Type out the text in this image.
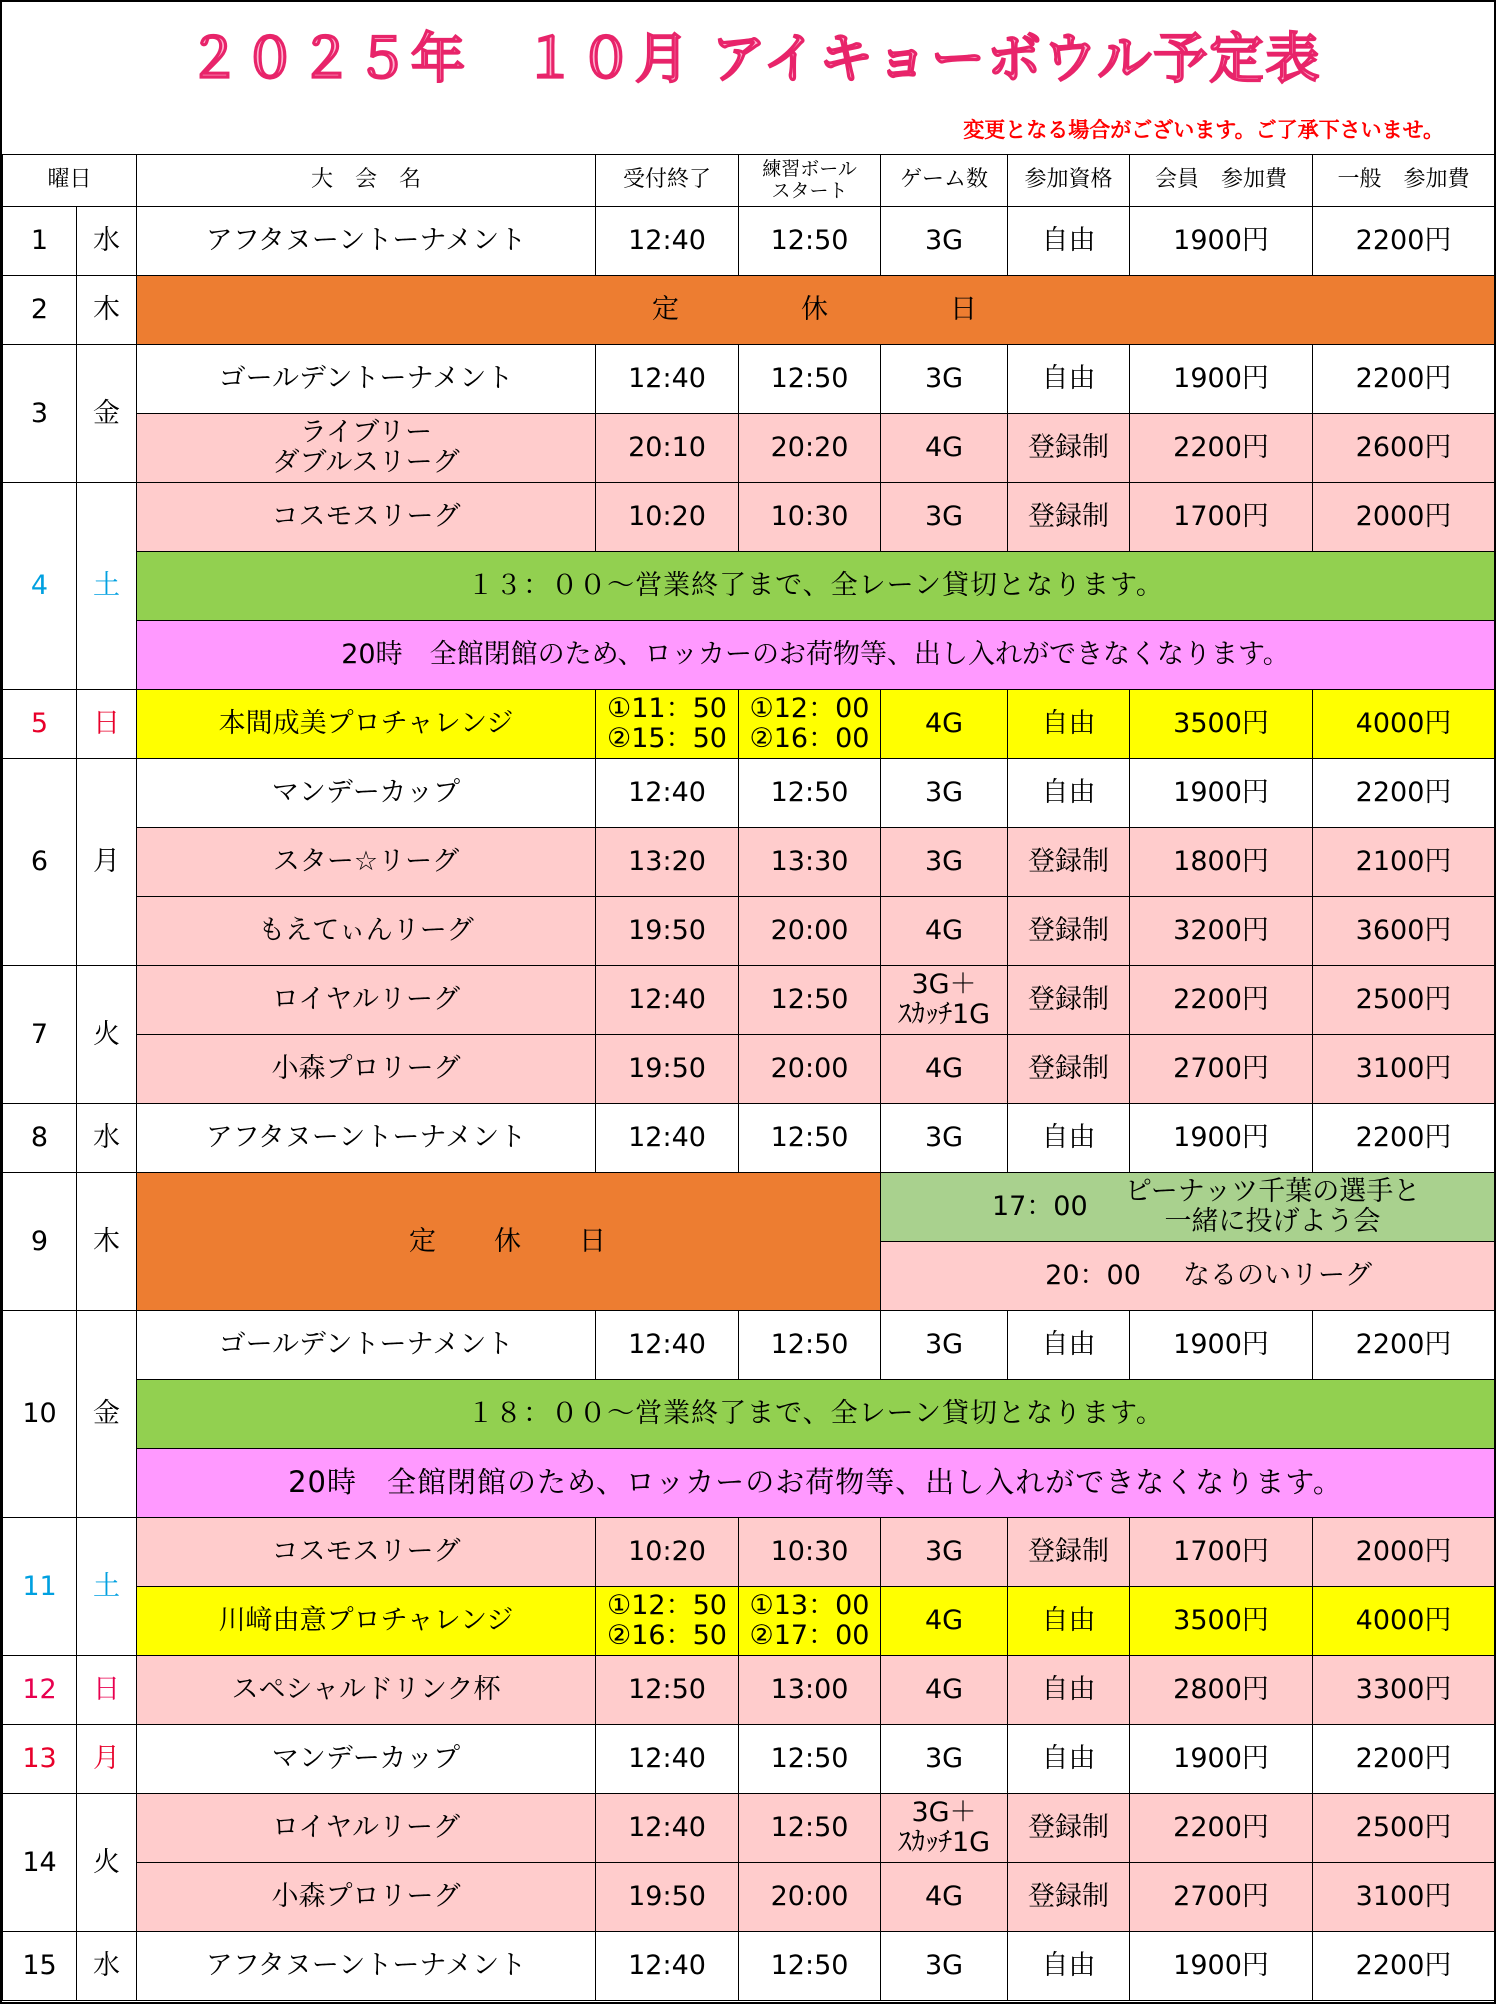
２０２５年　１０月 アイキョーボウル予定表
変更となる場合がございます。ご了承下さいませ。
曜日		大　会　名	受付終了	練習ボール
スタート	ゲーム数	参加資格	会員　参加費	一般　参加費
1	水	アフタヌーントーナメント	12:40	12:50	3G	自由	1900円	2200円
2	木	定 休 日						
3	金	ゴールデントーナメント	12:40	12:50	3G	自由	1900円	2200円

		ライブリー
ダブルスリーグ	20:10	20:20	4G	登録制	2200円	2600円
4	土	コスモスリーグ	10:20	10:30	3G	登録制	1700円	2000円
		１３：００～営業終了まで、全レーン貸切となります。						
		20時　全館閉館のため、ロッカーのお荷物等、出し入れができなくなります。						
5	日	本間成美プロチャレンジ	①11：50
②15：50	①12：00
②16：00	4G	自由	3500円	4000円
6	月	マンデーカップ	12:40	12:50	3G	自由	1900円	2200円
		スター☆リーグ	13:20	13:30	3G	登録制	1800円	2100円
		もえてぃんリーグ	19:50	20:00	4G	登録制	3200円	3600円
7	火	ロイヤルリーグ	12:40	12:50	3G＋
ｽｶｯﾁ1G	登録制	2200円	2500円
		小森プロリーグ	19:50	20:00	4G	登録制	2700円	3100円
8	水	アフタヌーントーナメント	12:40	12:50	3G	自由	1900円	2200円
9	木	定 休 日			17：00 ピーナッツ千葉の選手と
一緒に投げよう会			

					20：00 なるのいリーグ			
10	金	ゴールデントーナメント	12:40	12:50	3G	自由	1900円	2200円
		１８：００～営業終了まで、全レーン貸切となります。						
		20時　全館閉館のため、ロッカーのお荷物等、出し入れができなくなります。						
11	土	コスモスリーグ	10:20	10:30	3G	登録制	1700円	2000円
		川﨑由意プロチャレンジ	①12：50
②16：50	①13：00
②17：00	4G	自由	3500円	4000円
12	日	スペシャルドリンク杯	12:50	13:00	4G	自由	2800円	3300円
13	月	マンデーカップ	12:40	12:50	3G	自由	1900円	2200円
14	火	ロイヤルリーグ	12:40	12:50	3G＋
ｽｶｯﾁ1G	登録制	2200円	2500円
		小森プロリーグ	19:50	20:00	4G	登録制	2700円	3100円
15	水	アフタヌーントーナメント	12:40	12:50	3G	自由	1900円	2200円
